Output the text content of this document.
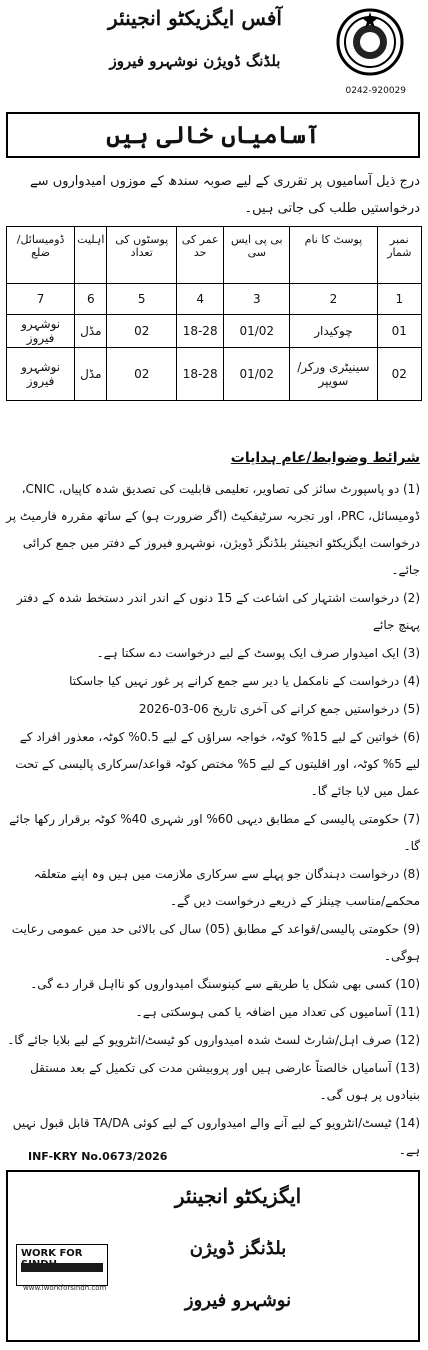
آفس ایگزیکٹو انجینئر
بلڈنگ ڈویژن نوشہرو فیروز
0242-920029
آسامیاں خالی ہیں
درج ذیل آسامیوں پر تقرری کے لیے صوبہ سندھ کے موزوں امیدواروں سے درخواستیں طلب کی جاتی ہیں۔
نمبر شمار	پوسٹ کا نام	بی پی ایس سی	عمر کی حد	پوسٹوں کی تعداد	اہلیت	ڈومیسائل/ضلع
1	2	3	4	5	6	7
01	چوکیدار	01/02	18-28	02	مڈل	نوشہرو فیروز
02	سینیٹری ورکر/سویپر	01/02	18-28	02	مڈل	نوشہرو فیروز
شرائط وضوابط/عام ہدایات

(1) دو پاسپورٹ سائز کی تصاویر، تعلیمی قابلیت کی تصدیق شدہ کاپیاں، CNIC، ڈومیسائل، PRC، اور تجربہ سرٹیفکیٹ (اگر ضرورت ہو) کے ساتھ مقررہ فارمیٹ پر درخواست ایگزیکٹو انجینئر بلڈنگز ڈویژن، نوشہرو فیروز کے دفتر میں جمع کرائی جائے۔

(2) درخواست اشتہار کی اشاعت کے 15 دنوں کے اندر اندر دستخط شدہ کے دفتر پہنچ جائے

(3) ایک امیدوار صرف ایک پوسٹ کے لیے درخواست دے سکتا ہے۔

(4) درخواست کے نامکمل یا دیر سے جمع کرانے پر غور نہیں کیا جاسکتا

(5) درخواستیں جمع کرانے کی آخری تاریخ 06-03-2026

(6) خواتین کے لیے 15% کوٹہ، خواجہ سراؤں کے لیے 0.5% کوٹہ، معذور افراد کے لیے 5% کوٹہ، اور اقلیتوں کے لیے 5% مختص کوٹہ قواعد/سرکاری پالیسی کے تحت عمل میں لایا جائے گا۔

(7) حکومتی پالیسی کے مطابق دیہی 60% اور شہری 40% کوٹہ برقرار رکھا جائے گا۔

(8) درخواست دہندگان جو پہلے سے سرکاری ملازمت میں ہیں وہ اپنے متعلقہ محکمے/مناسب چینلز کے ذریعے درخواست دیں گے۔

(9) حکومتی پالیسی/قواعد کے مطابق (05) سال کی بالائی حد میں عمومی رعایت ہوگی۔

(10) کسی بھی شکل یا طریقے سے کینوسنگ امیدواروں کو نااہل قرار دے گی۔

(11) آسامیوں کی تعداد میں اضافہ یا کمی ہوسکتی ہے۔

(12) صرف اہل/شارٹ لسٹ شدہ امیدواروں کو ٹیسٹ/انٹرویو کے لیے بلایا جائے گا۔

(13) آسامیاں خالصتاً عارضی ہیں اور پروبیشن مدت کی تکمیل کے بعد مستقل بنیادوں پر ہوں گی۔

(14) ٹیسٹ/انٹرویو کے لیے آنے والے امیدواروں کے لیے کوئی TA/DA قابل قبول نہیں ہے۔

INF-KRY No.0673/2026
ایگزیکٹو انجینئر
بلڈنگز ڈویژن
نوشہرو فیروز
WORK FOR
www.iworkforsindh.com
